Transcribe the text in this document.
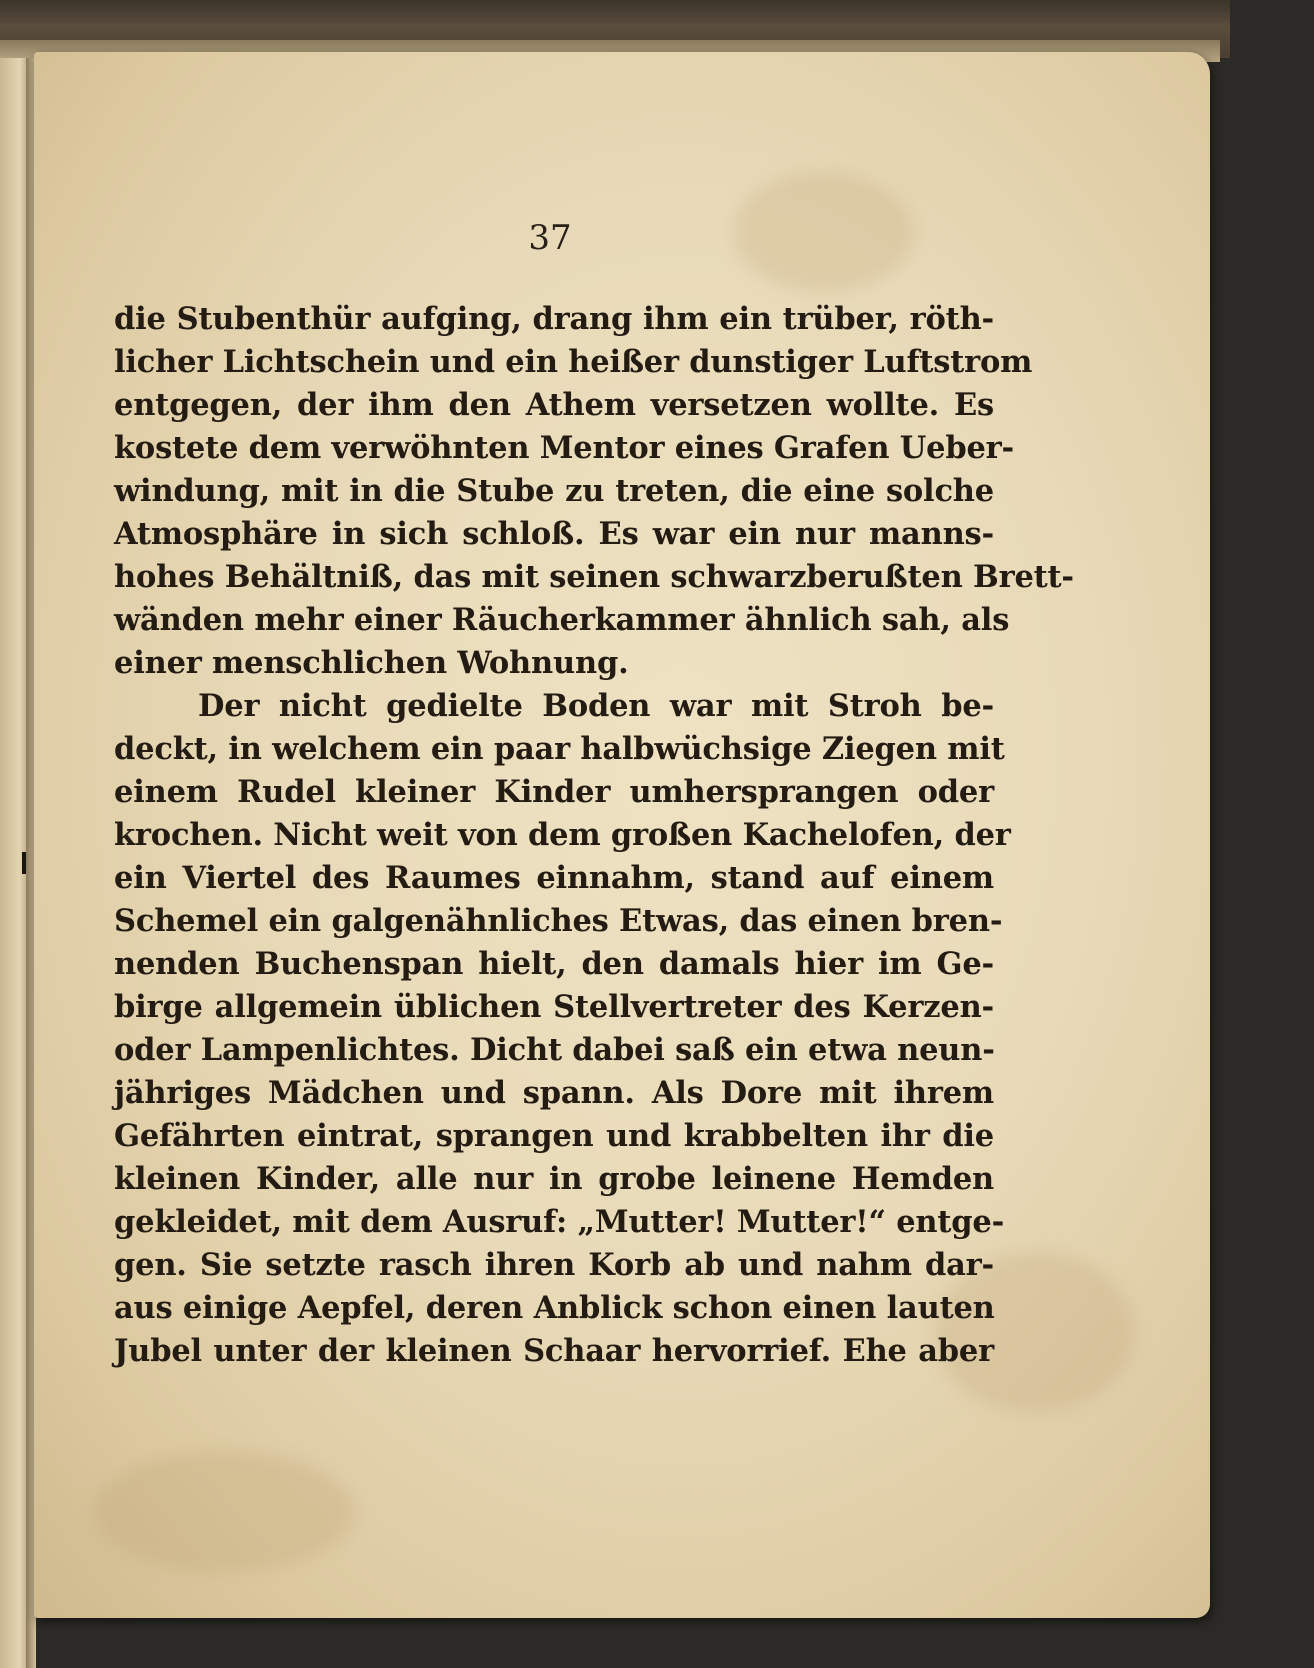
37
die Stubenthür aufging, drang ihm ein trüber, röth-
licher Lichtschein und ein heißer dunstiger Luftstrom
entgegen, der ihm den Athem versetzen wollte. Es
kostete dem verwöhnten Mentor eines Grafen Ueber-
windung, mit in die Stube zu treten, die eine solche
Atmosphäre in sich schloß. Es war ein nur manns-
hohes Behältniß, das mit seinen schwarzberußten Brett-
wänden mehr einer Räucherkammer ähnlich sah, als
einer menschlichen Wohnung.
Der nicht gedielte Boden war mit Stroh be-
deckt, in welchem ein paar halbwüchsige Ziegen mit
einem Rudel kleiner Kinder umhersprangen oder
krochen. Nicht weit von dem großen Kachelofen, der
ein Viertel des Raumes einnahm, stand auf einem
Schemel ein galgenähnliches Etwas, das einen bren-
nenden Buchenspan hielt, den damals hier im Ge-
birge allgemein üblichen Stellvertreter des Kerzen-
oder Lampenlichtes. Dicht dabei saß ein etwa neun-
jähriges Mädchen und spann. Als Dore mit ihrem
Gefährten eintrat, sprangen und krabbelten ihr die
kleinen Kinder, alle nur in grobe leinene Hemden
gekleidet, mit dem Ausruf: „Mutter! Mutter!“ entge-
gen. Sie setzte rasch ihren Korb ab und nahm dar-
aus einige Aepfel, deren Anblick schon einen lauten
Jubel unter der kleinen Schaar hervorrief. Ehe aber
